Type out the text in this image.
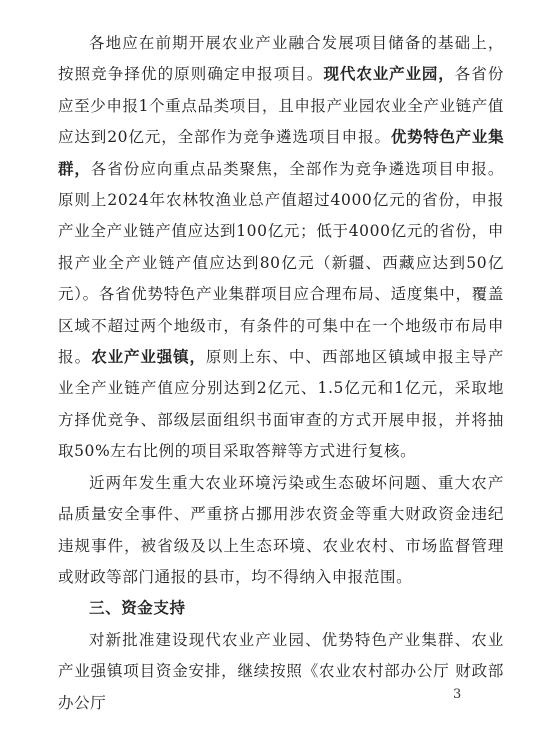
各地应在前期开展农业产业融合发展项目储备的基础上，按照竞争择优的原则确定申报项目。现代农业产业园，各省份应至少申报1个重点品类项目，且申报产业园农业全产业链产值应达到20亿元，全部作为竞争遴选项目申报。优势特色产业集群，各省份应向重点品类聚焦，全部作为竞争遴选项目申报。原则上2024年农林牧渔业总产值超过4000亿元的省份，申报产业全产业链产值应达到100亿元；低于4000亿元的省份，申报产业全产业链产值应达到80亿元（新疆、西藏应达到50亿元）。各省优势特色产业集群项目应合理布局、适度集中，覆盖区域不超过两个地级市，有条件的可集中在一个地级市布局申报。农业产业强镇，原则上东、中、西部地区镇域申报主导产业全产业链产值应分别达到2亿元、1.5亿元和1亿元，采取地方择优竞争、部级层面组织书面审查的方式开展申报，并将抽取50%左右比例的项目采取答辩等方式进行复核。

近两年发生重大农业环境污染或生态破坏问题、重大农产品质量安全事件、严重挤占挪用涉农资金等重大财政资金违纪违规事件，被省级及以上生态环境、农业农村、市场监督管理或财政等部门通报的县市，均不得纳入申报范围。

三、资金支持

对新批准建设现代农业产业园、优势特色产业集群、农业产业强镇项目资金安排，继续按照《农业农村部办公厅 财政部办公厅	3
